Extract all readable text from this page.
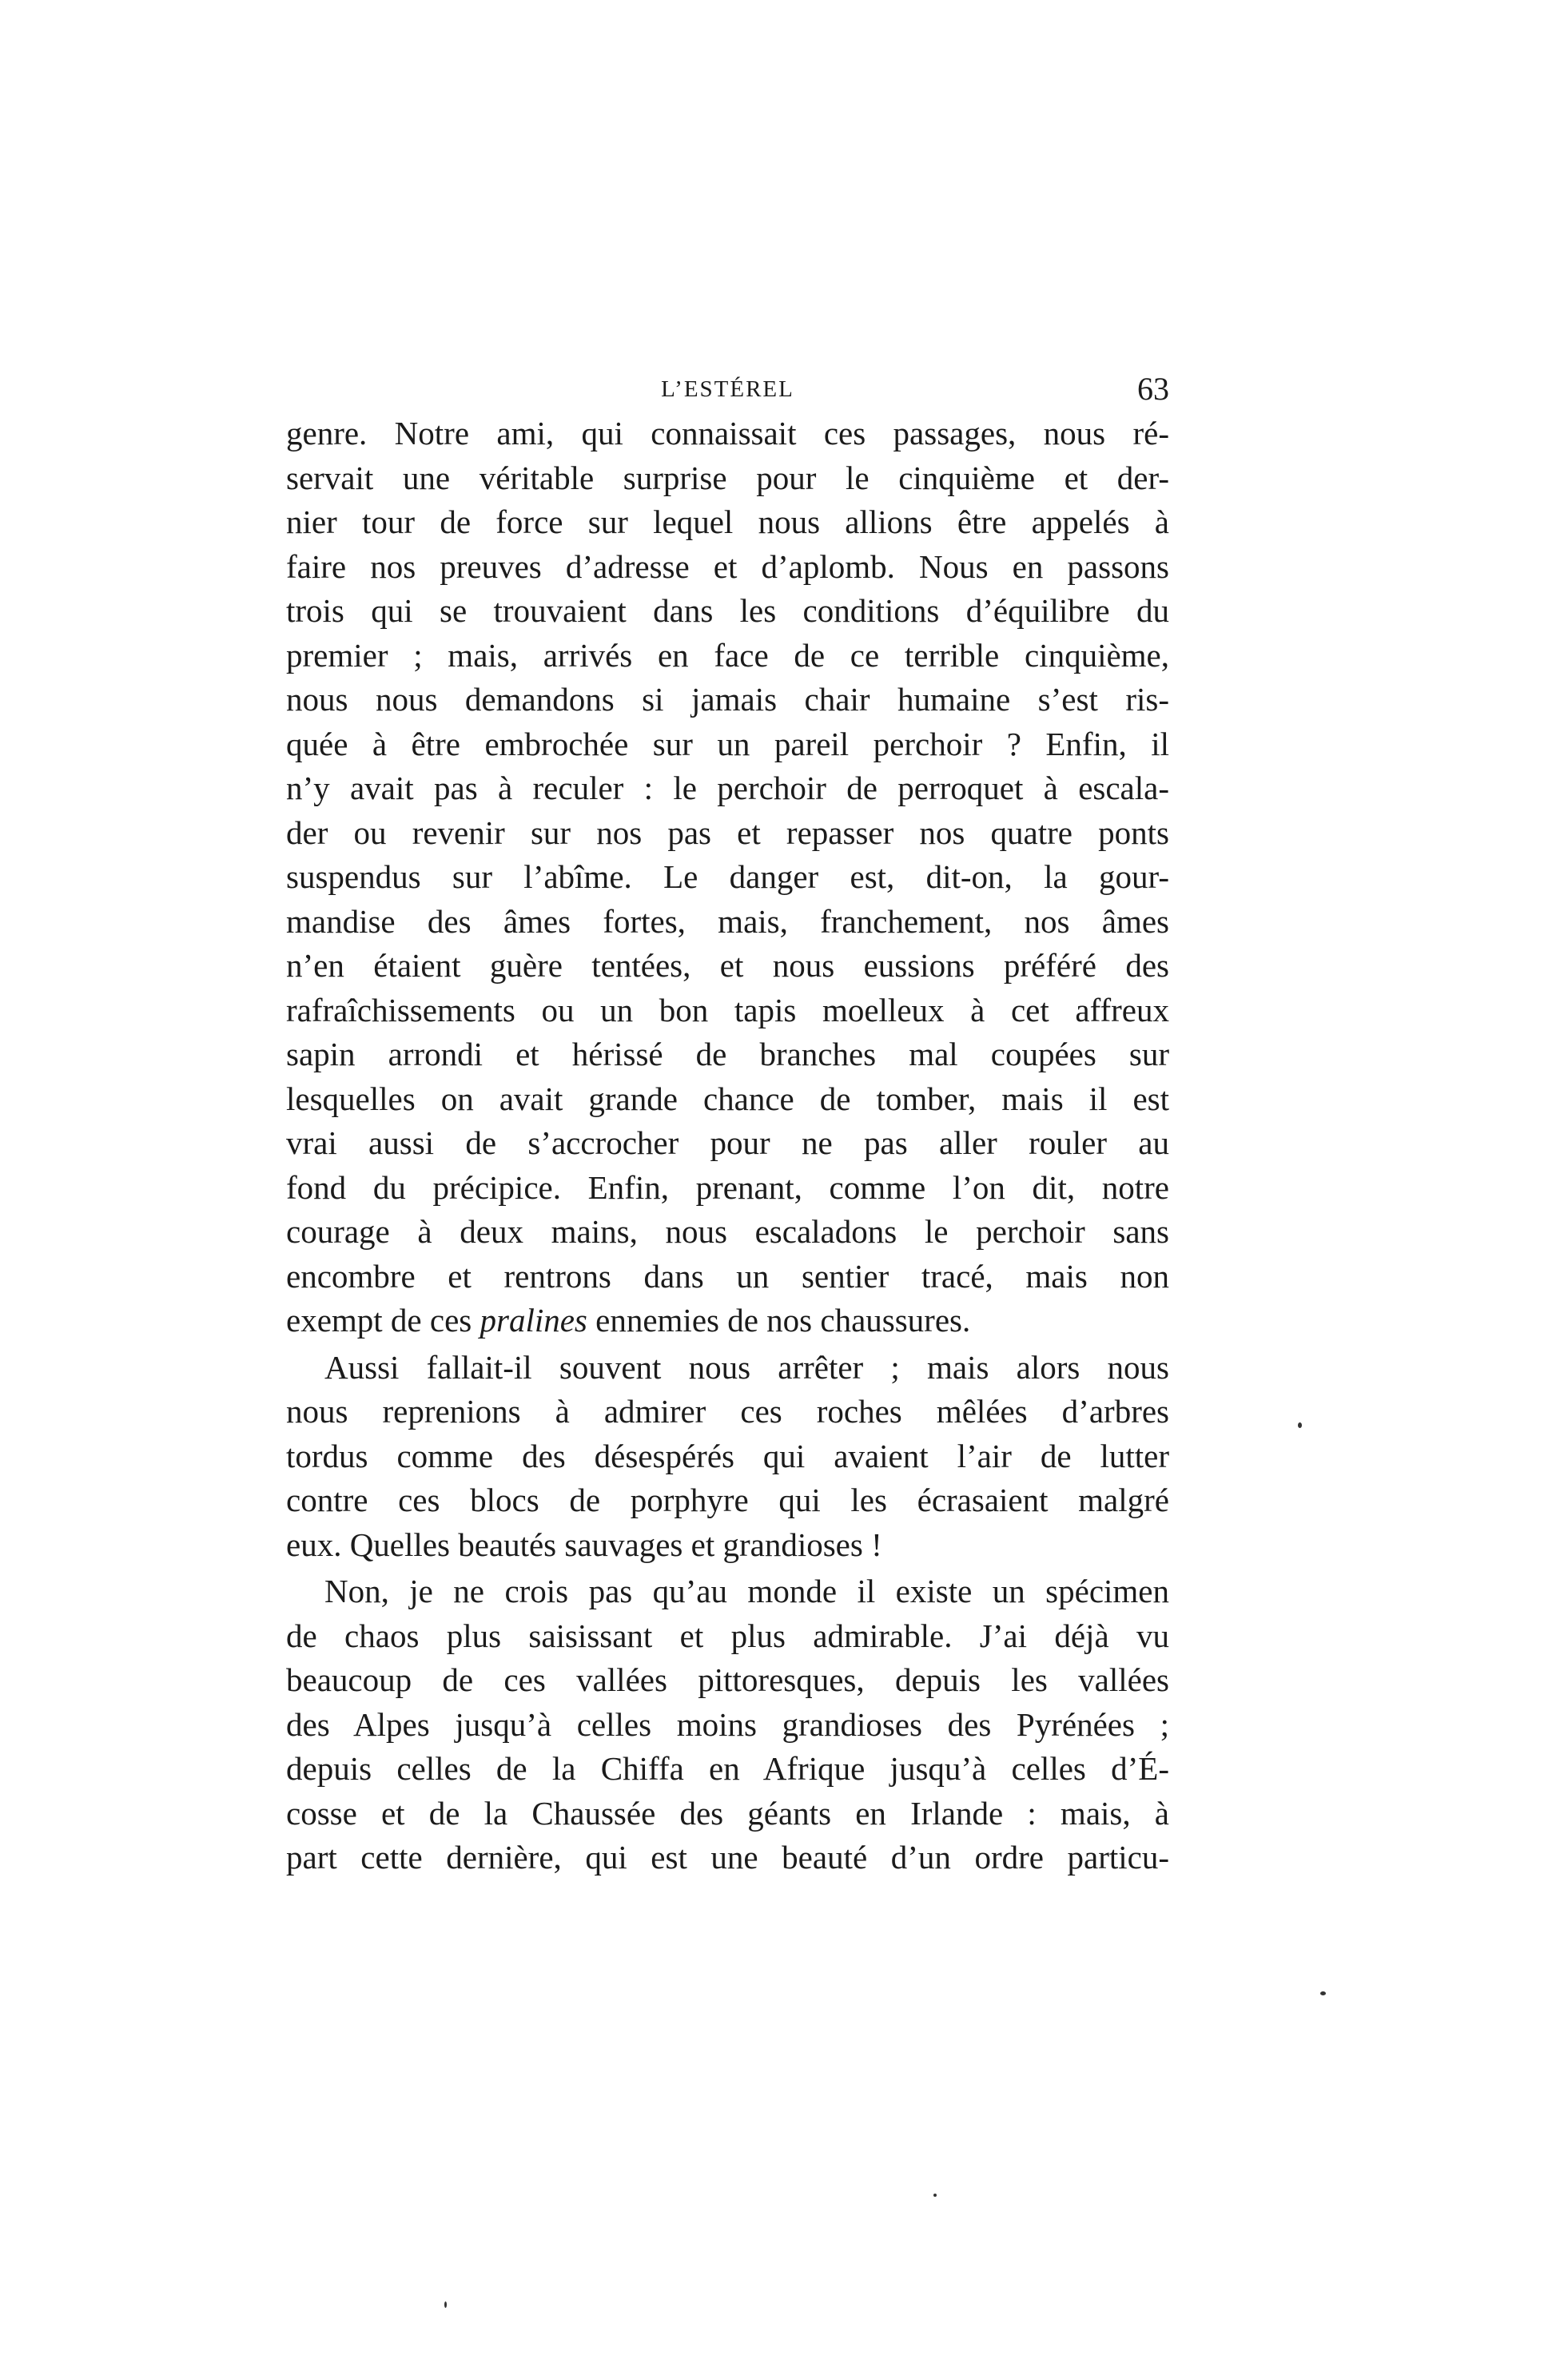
L’ESTÉREL	63
genre. Notre ami, qui connaissait ces passages, nous ré-
servait une véritable surprise pour le cinquième et der-
nier tour de force sur lequel nous allions être appelés à
faire nos preuves d’adresse et d’aplomb. Nous en passons
trois qui se trouvaient dans les conditions d’équilibre du
premier ; mais, arrivés en face de ce terrible cinquième,
nous nous demandons si jamais chair humaine s’est ris-
quée à être embrochée sur un pareil perchoir ? Enfin, il
n’y avait pas à reculer : le perchoir de perroquet à escala-
der ou revenir sur nos pas et repasser nos quatre ponts
suspendus sur l’abîme. Le danger est, dit-on, la gour-
mandise des âmes fortes, mais, franchement, nos âmes
n’en étaient guère tentées, et nous eussions préféré des
rafraîchissements ou un bon tapis moelleux à cet affreux
sapin arrondi et hérissé de branches mal coupées sur
lesquelles on avait grande chance de tomber, mais il est
vrai aussi de s’accrocher pour ne pas aller rouler au
fond du précipice. Enfin, prenant, comme l’on dit, notre
courage à deux mains, nous escaladons le perchoir sans
encombre et rentrons dans un sentier tracé, mais non
exempt de ces pralines ennemies de nos chaussures.
Aussi fallait-il souvent nous arrêter ; mais alors nous
nous reprenions à admirer ces roches mêlées d’arbres
tordus comme des désespérés qui avaient l’air de lutter
contre ces blocs de porphyre qui les écrasaient malgré
eux. Quelles beautés sauvages et grandioses !
Non, je ne crois pas qu’au monde il existe un spécimen
de chaos plus saisissant et plus admirable. J’ai déjà vu
beaucoup de ces vallées pittoresques, depuis les vallées
des Alpes jusqu’à celles moins grandioses des Pyrénées ;
depuis celles de la Chiffa en Afrique jusqu’à celles d’É-
cosse et de la Chaussée des géants en Irlande : mais, à
part cette dernière, qui est une beauté d’un ordre particu-
